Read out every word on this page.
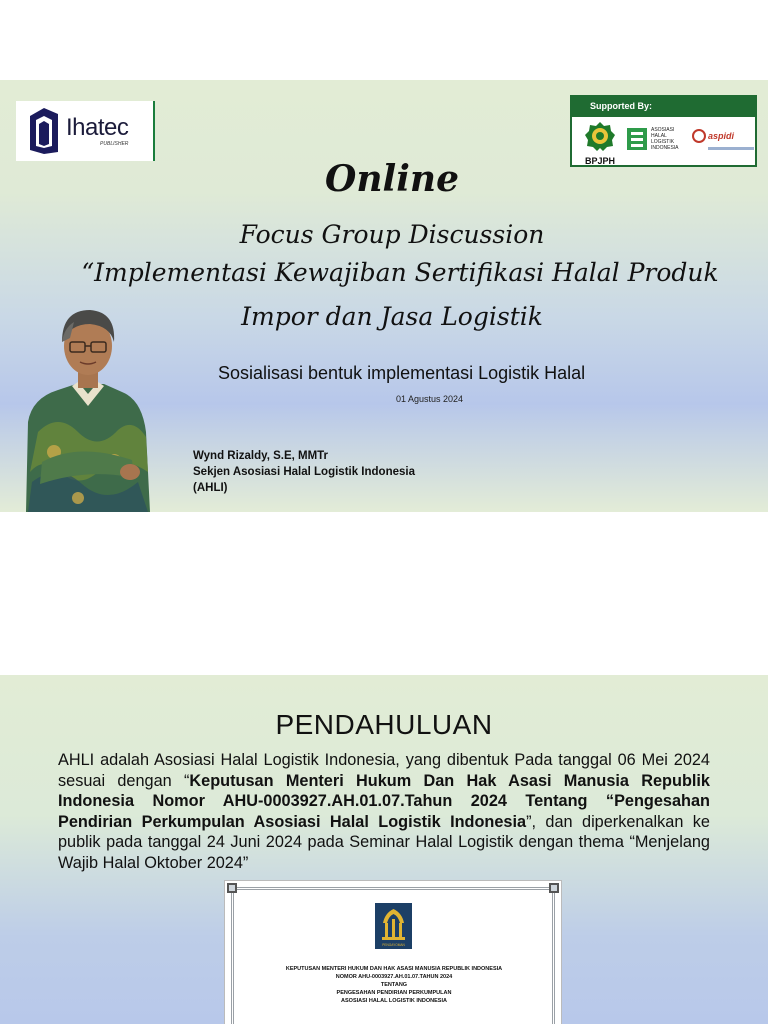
Ihatec
PUBLISHER
Supported By:
BPJPH
ASOSIASI HALAL LOGISTIK INDONESIA
aspidi
Online
Focus Group Discussion
“Implementasi Kewajiban Sertifikasi Halal Produk
Impor dan Jasa Logistik
Sosialisasi bentuk implementasi Logistik Halal
01 Agustus 2024
Wynd Rizaldy, S.E, MMTr
Sekjen Asosiasi Halal Logistik Indonesia
(AHLI)
PENDAHULUAN

AHLI adalah Asosiasi Halal Logistik Indonesia, yang dibentuk Pada tanggal 06 Mei 2024 sesuai dengan “Keputusan Menteri Hukum Dan Hak Asasi Manusia Republik Indonesia Nomor AHU-0003927.AH.01.07.Tahun 2024 Tentang “Pengesahan Pendirian Perkumpulan Asosiasi Halal Logistik Indonesia”, dan diperkenalkan ke publik pada tanggal 24 Juni 2024 pada Seminar Halal Logistik dengan thema “Menjelang Wajib Halal Oktober 2024”

PENGAYOMAN
KEPUTUSAN MENTERI HUKUM DAN HAK ASASI MANUSIA REPUBLIK INDONESIA
NOMOR AHU-0003927.AH.01.07.TAHUN 2024
TENTANG
PENGESAHAN PENDIRIAN PERKUMPULAN
ASOSIASI HALAL LOGISTIK INDONESIA
